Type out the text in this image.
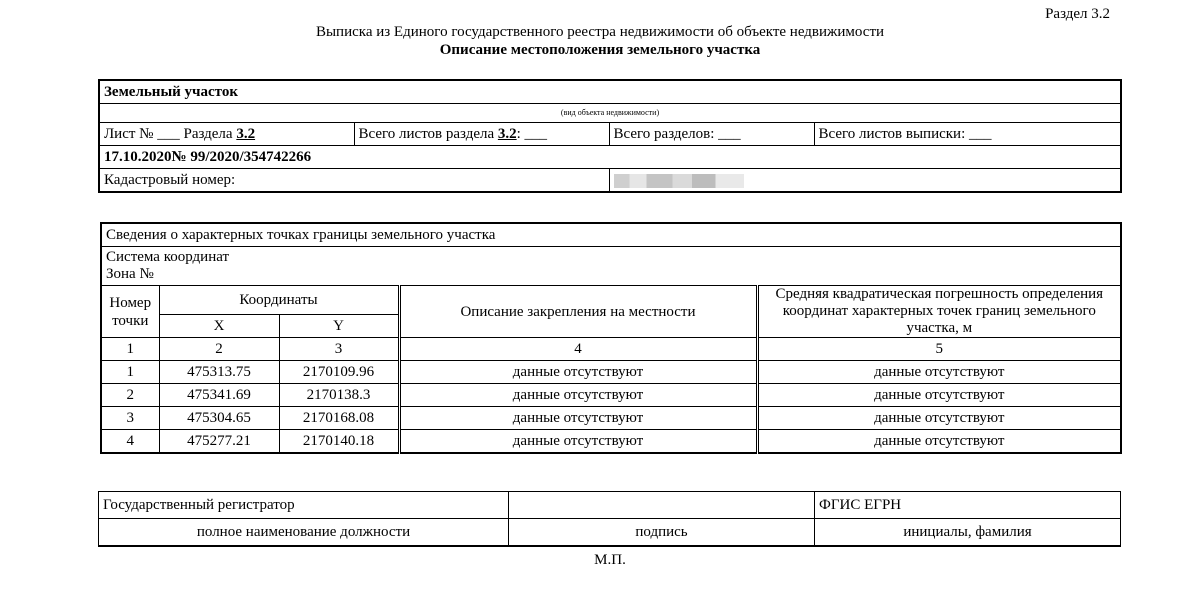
Раздел 3.2
Выписка из Единого государственного реестра недвижимости об объекте недвижимости
Описание местоположения земельного участка
Земельный участок			
(вид объекта недвижимости)			
Лист № ___ Раздела 3.2	Всего листов раздела 3.2: ___	Всего разделов: ___	Всего листов выписки: ___
17.10.2020№ 99/2020/354742266			
Кадастровый номер:			
Сведения о характерных точках границы земельного участка				

Система координат
Зона №				

Номер точки	Координаты		Описание закрепления на местности	Средняя квадратическая погрешность определения координат характерных точек границ земельного участка, м
	X	Y		
1	2	3	4	5
1	475313.75	2170109.96	данные отсутствуют	данные отсутствуют
2	475341.69	2170138.3	данные отсутствуют	данные отсутствуют
3	475304.65	2170168.08	данные отсутствуют	данные отсутствуют
4	475277.21	2170140.18	данные отсутствуют	данные отсутствуют
Государственный регистратор		ФГИС ЕГРН
полное наименование должности	подпись	инициалы, фамилия
М.П.
